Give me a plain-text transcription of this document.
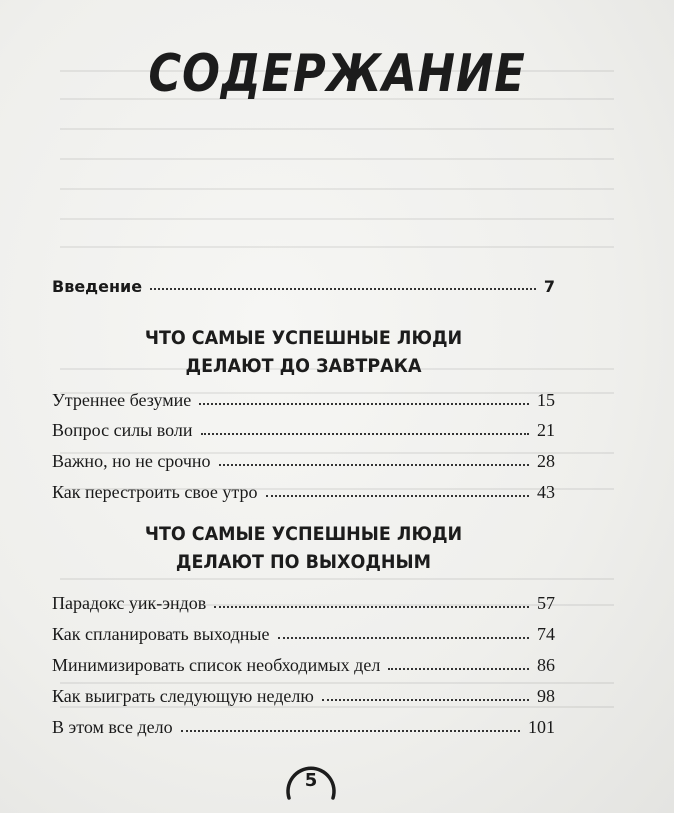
СОДЕРЖАНИЕ
Введение	7
ЧТО САМЫЕ УСПЕШНЫЕ ЛЮДИ
ДЕЛАЮТ ДО ЗАВТРАКА
Утреннее безумие	15
Вопрос силы воли	21
Важно, но не срочно	28
Как перестроить свое утро	43
ЧТО САМЫЕ УСПЕШНЫЕ ЛЮДИ
ДЕЛАЮТ ПО ВЫХОДНЫМ
Парадокс уик-эндов	57
Как спланировать выходные	74
Минимизировать список необходимых дел	86
Как выиграть следующую неделю	98
В этом все дело	101
5
